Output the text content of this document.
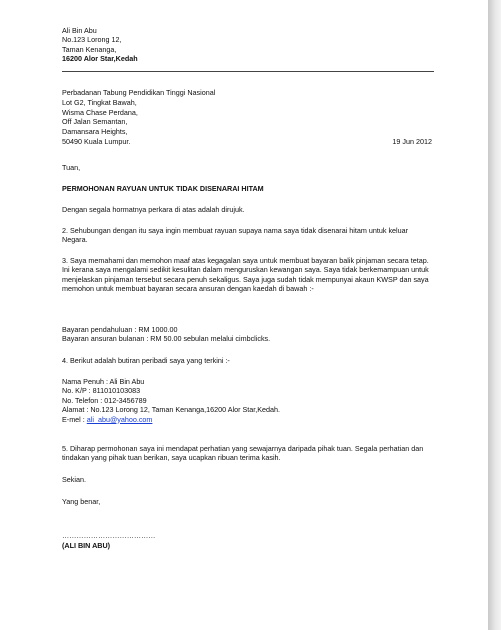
Ali Bin Abu
No.123 Lorong 12,
Taman Kenanga,
16200 Alor Star,Kedah
Perbadanan Tabung Pendidikan Tinggi Nasional
Lot G2, Tingkat Bawah,
Wisma Chase Perdana,
Off Jalan Semantan,
Damansara Heights,
50490 Kuala Lumpur.	19 Jun 2012
Tuan,
PERMOHONAN RAYUAN UNTUK TIDAK DISENARAI HITAM
Dengan segala hormatnya perkara di atas adalah dirujuk.
2. Sehubungan dengan itu saya ingin membuat rayuan supaya nama saya tidak disenarai hitam untuk keluar Negara.
3. Saya memahami dan memohon maaf atas kegagalan saya untuk membuat bayaran balik pinjaman secara tetap. Ini kerana saya mengalami sedikit kesulitan dalam menguruskan kewangan saya. Saya tidak berkemampuan untuk menjelaskan pinjaman tersebut secara penuh sekaligus. Saya juga sudah tidak mempunyai akaun KWSP dan saya memohon untuk membuat bayaran secara ansuran dengan kaedah di bawah :-
Bayaran pendahuluan : RM 1000.00
Bayaran ansuran bulanan : RM 50.00 sebulan melalui cimbclicks.
4. Berikut adalah butiran peribadi saya yang terkini :-
Nama Penuh : Ali Bin Abu
No. K/P : 811010103083
No. Telefon : 012-3456789
Alamat : No.123 Lorong 12, Taman Kenanga,16200 Alor Star,Kedah.
E-mel : ali_abu@yahoo.com
5. Diharap permohonan saya ini mendapat perhatian yang sewajarnya daripada pihak tuan. Segala perhatian dan tindakan yang pihak tuan berikan, saya ucapkan ribuan terima kasih.
Sekian.
Yang benar,
…………………………………
(ALI BIN ABU)
